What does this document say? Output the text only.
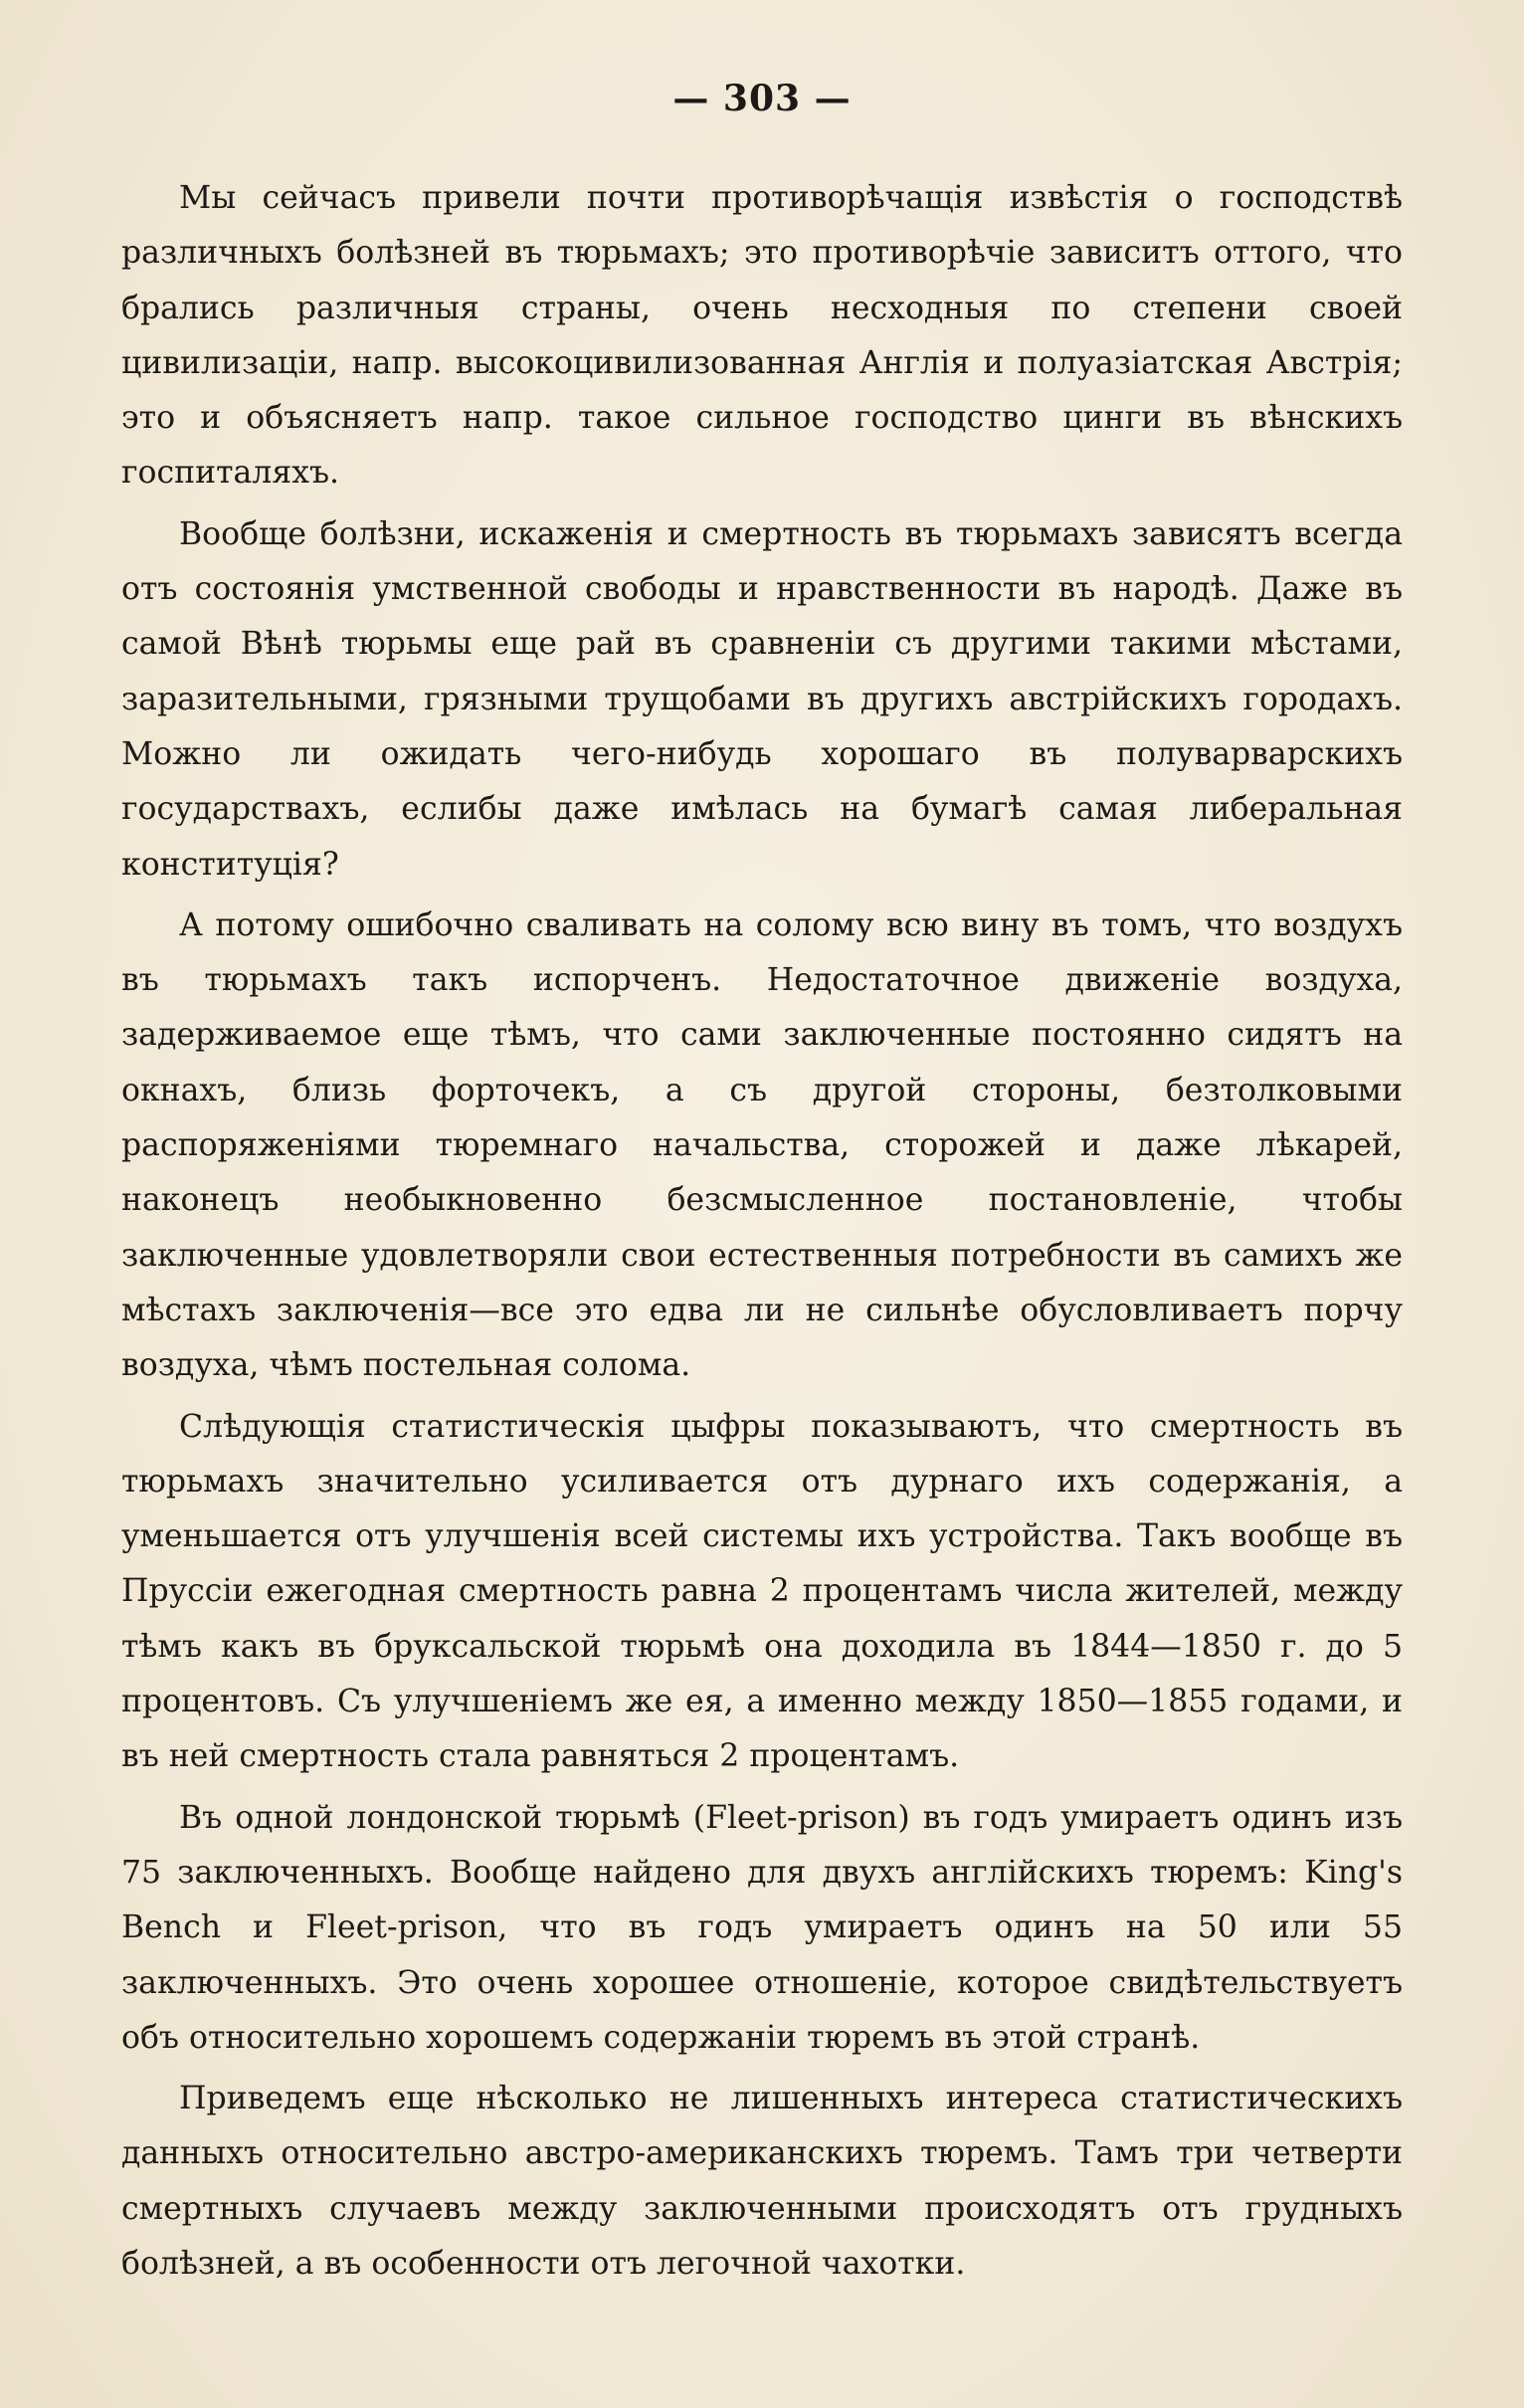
— 303 —

Мы сейчасъ привели почти противорѣчащія извѣстія о господствѣ различныхъ болѣзней въ тюрьмахъ; это противорѣчіе зависитъ оттого, что брались различныя страны, очень несходныя по степени своей цивилизаціи, напр. высокоцивилизованная Англія и полуазіатская Австрія; это и объясняетъ напр. такое сильное господство цинги въ вѣнскихъ госпиталяхъ.

Вообще болѣзни, искаженія и смертность въ тюрьмахъ зависятъ всегда отъ состоянія умственной свободы и нравственности въ народѣ. Даже въ самой Вѣнѣ тюрьмы еще рай въ сравненіи съ другими такими мѣстами, заразительными, грязными трущобами въ другихъ австрійскихъ городахъ. Можно ли ожидать чего-нибудь хорошаго въ полуварварскихъ государствахъ, еслибы даже имѣлась на бумагѣ самая либеральная конституція?

А потому ошибочно сваливать на солому всю вину въ томъ, что воздухъ въ тюрьмахъ такъ испорченъ. Недостаточное движеніе воздуха, задерживаемое еще тѣмъ, что сами заключенные постоянно сидятъ на окнахъ, близь форточекъ, а съ другой стороны, безтолковыми распоряженіями тюремнаго начальства, сторожей и даже лѣкарей, наконецъ необыкновенно безсмысленное постановленіе, чтобы заключенные удовлетворяли свои естественныя потребности въ самихъ же мѣстахъ заключенія—все это едва ли не сильнѣе обусловливаетъ порчу воздуха, чѣмъ постельная солома.

Слѣдующія статистическія цыфры показываютъ, что смертность въ тюрьмахъ значительно усиливается отъ дурнаго ихъ содержанія, а уменьшается отъ улучшенія всей системы ихъ устройства. Такъ вообще въ Пруссіи ежегодная смертность равна 2 процентамъ числа жителей, между тѣмъ какъ въ бруксальской тюрьмѣ она доходила въ 1844—1850 г. до 5 процентовъ. Съ улучшеніемъ же ея, а именно между 1850—1855 годами, и въ ней смертность стала равняться 2 процентамъ.

Въ одной лондонской тюрьмѣ (Fleet-prison) въ годъ умираетъ одинъ изъ 75 заключенныхъ. Вообще найдено для двухъ англійскихъ тюремъ: King's Bench и Fleet-prison, что въ годъ умираетъ одинъ на 50 или 55 заключенныхъ. Это очень хорошее отношеніе, которое свидѣтельствуетъ объ относительно хорошемъ содержаніи тюремъ въ этой странѣ.

Приведемъ еще нѣсколько не лишенныхъ интереса статистическихъ данныхъ относительно австро-американскихъ тюремъ. Тамъ три четверти смертныхъ случаевъ между заключенными происходятъ отъ грудныхъ болѣзней, а въ особенности отъ легочной чахотки.
